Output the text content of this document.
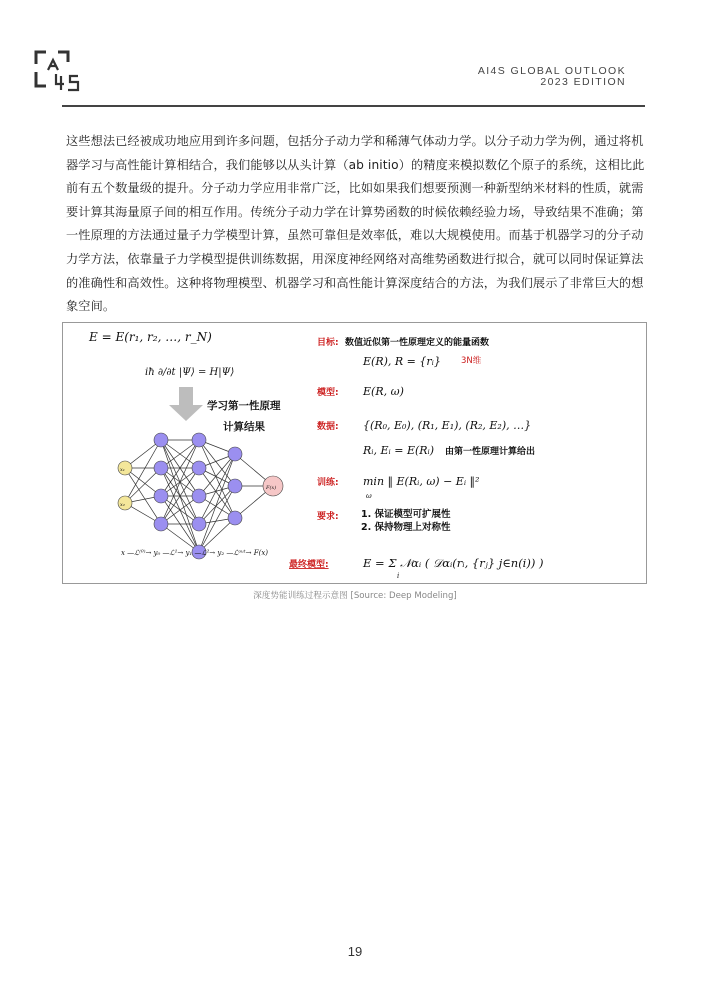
AI4S GLOBAL OUTLOOK
2023 EDITION
这些想法已经被成功地应用到许多问题，包括分子动力学和稀薄气体动力学。以分子动力学为例，通过将机器学习与高性能计算相结合，我们能够以从头计算（ab initio）的精度来模拟数亿个原子的系统，这相比此前有五个数量级的提升。分子动力学应用非常广泛，比如如果我们想要预测一种新型纳米材料的性质，就需要计算其海量原子间的相互作用。传统分子动力学在计算势函数的时候依赖经验力场，导致结果不准确；第一性原理的方法通过量子力学模型计算，虽然可靠但是效率低，难以大规模使用。而基于机器学习的分子动力学方法，依靠量子力学模型提供训练数据，用深度神经网络对高维势函数进行拟合，就可以同时保证算法的准确性和高效性。这种将物理模型、机器学习和高性能计算深度结合的方法，为我们展示了非常巨大的想象空间。
E = E(r₁, r₂, …, r_N)
iħ ∂/∂t |Ψ⟩ = H|Ψ⟩
学习第一性原理
计算结果
x₁
x₂
F(x)
x —ℒ⁽⁰⁾→ y₀ —ℒ¹→ y₁ —ℒ²→ y₂ —ℒᵒᵘᵗ→ F(x)
目标: 数值近似第一性原理定义的能量函数
E(R), R = {rᵢ} 3N维
模型: E(R, ω)
数据: {(R₀, E₀), (R₁, E₁), (R₂, E₂), …}
Rᵢ, Eᵢ = E(Rᵢ) 由第一性原理计算给出
训练: min ‖ E(Rᵢ, ω) − Eᵢ ‖²
ω
要求: 1. 保证模型可扩展性
2. 保持物理上对称性
最终模型:	E = Σ 𝒩αᵢ ( 𝒟αᵢ(rᵢ, {rⱼ} j∈n(i)) )
i
深度势能训练过程示意图 [Source: Deep Modeling]
19
